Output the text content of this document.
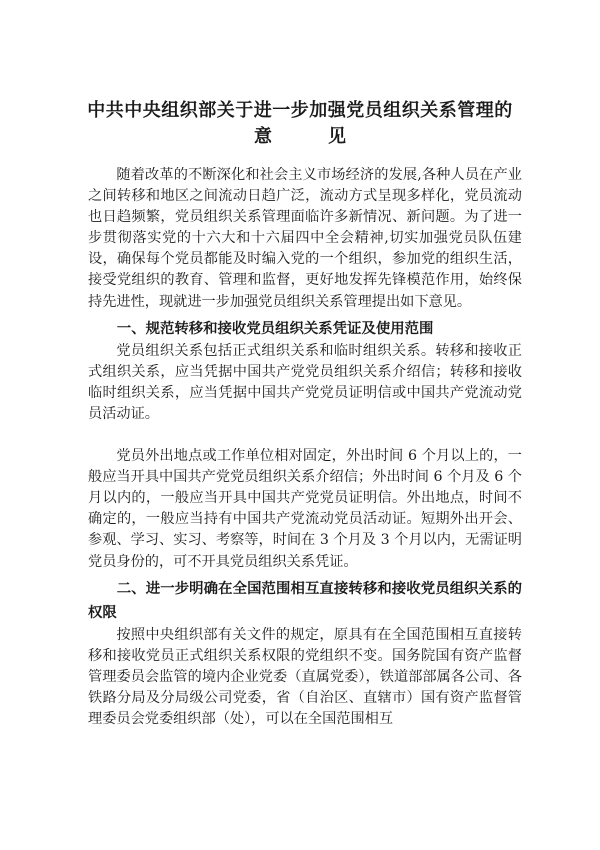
中共中央组织部关于进一步加强党员组织关系管理的
意	见

随着改革的不断深化和社会主义市场经济的发展,各种人员在产业之间转移和地区之间流动日趋广泛，流动方式呈现多样化，党员流动也日趋频繁，党员组织关系管理面临许多新情况、新问题。为了进一步贯彻落实党的十六大和十六届四中全会精神,切实加强党员队伍建设，确保每个党员都能及时编入党的一个组织，参加党的组织生活，接受党组织的教育、管理和监督，更好地发挥先锋模范作用，始终保持先进性，现就进一步加强党员组织关系管理提出如下意见。

一、规范转移和接收党员组织关系凭证及使用范围

党员组织关系包括正式组织关系和临时组织关系。转移和接收正式组织关系，应当凭据中国共产党党员组织关系介绍信；转移和接收临时组织关系，应当凭据中国共产党党员证明信或中国共产党流动党员活动证。

党员外出地点或工作单位相对固定，外出时间 6 个月以上的，一般应当开具中国共产党党员组织关系介绍信；外出时间 6 个月及 6 个月以内的，一般应当开具中国共产党党员证明信。外出地点，时间不确定的，一般应当持有中国共产党流动党员活动证。短期外出开会、参观、学习、实习、考察等，时间在 3 个月及 3 个月以内，无需证明党员身份的，可不开具党员组织关系凭证。

二、进一步明确在全国范围相互直接转移和接收党员组织关系的权限

按照中央组织部有关文件的规定，原具有在全国范围相互直接转移和接收党员正式组织关系权限的党组织不变。国务院国有资产监督管理委员会监管的境内企业党委（直属党委），铁道部部属各公司、各铁路分局及分局级公司党委，省（自治区、直辖市）国有资产监督管理委员会党委组织部（处），可以在全国范围相互
